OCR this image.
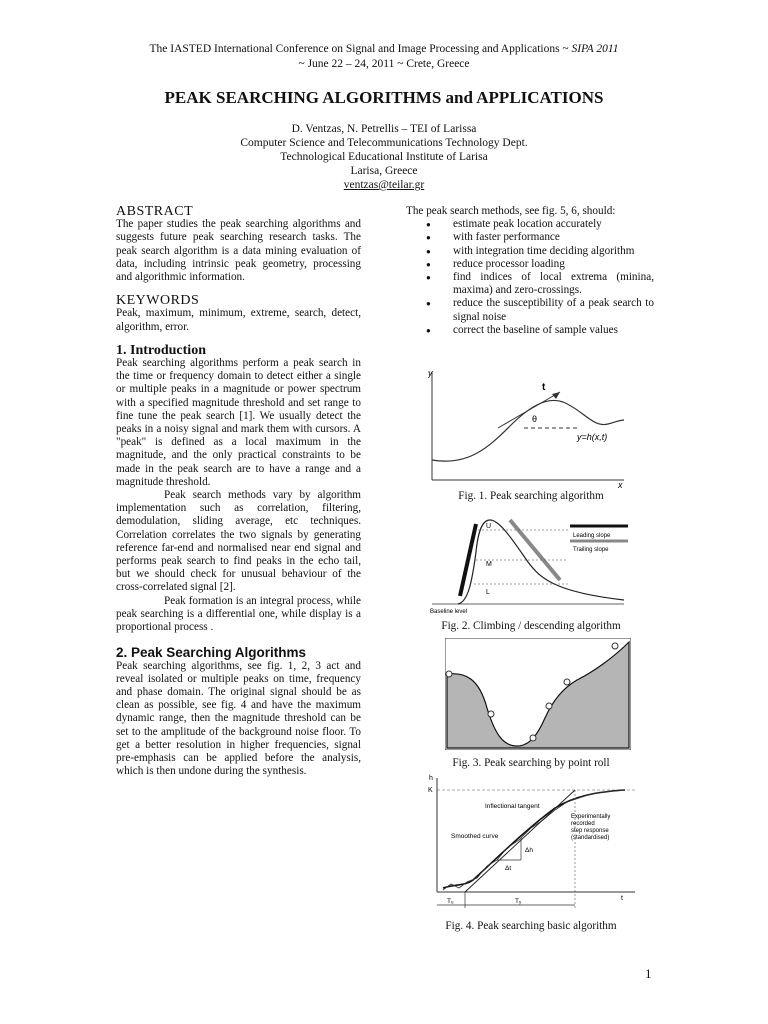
The IASTED International Conference on Signal and Image Processing and Applications ~ SIPA 2011
~ June 22 – 24, 2011 ~ Crete, Greece
PEAK SEARCHING ALGORITHMS and APPLICATIONS
D. Ventzas, N. Petrellis – TEI of Larissa
Computer Science and Telecommunications Technology Dept.
Technological Educational Institute of Larisa
Larisa, Greece
ventzas@teilar.gr
ABSTRACT

The paper studies the peak searching algorithms and suggests future peak searching research tasks. The peak search algorithm is a data mining evaluation of data, including intrinsic peak geometry, processing and algorithmic information.

KEYWORDS

Peak, maximum, minimum, extreme, search, detect, algorithm, error.

1. Introduction

Peak searching algorithms perform a peak search in the time or frequency domain to detect either a single or multiple peaks in a magnitude or power spectrum with a specified magnitude threshold and set range to fine tune the peak search [1]. We usually detect the peaks in a noisy signal and mark them with cursors. A "peak" is defined as a local maximum in the magnitude, and the only practical constraints to be made in the peak search are to have a range and a magnitude threshold.

Peak search methods vary by algorithm implementation such as correlation, filtering, demodulation, sliding average, etc techniques. Correlation correlates the two signals by generating reference far-end and normalised near end signal and performs peak search to find peaks in the echo tail, but we should check for unusual behaviour of the cross-correlated signal [2].

Peak formation is an integral process, while peak searching is a differential one, while display is a proportional process .

2. Peak Searching Algorithms

Peak searching algorithms, see fig. 1, 2, 3 act and reveal isolated or multiple peaks on time, frequency and phase domain. The original signal should be as clean as possible, see fig. 4 and have the maximum dynamic range, then the magnitude threshold can be set to the amplitude of the background noise floor. To get a better resolution in higher frequencies, signal pre-emphasis can be applied before the analysis, which is then undone during the synthesis.

The peak search methods, see fig. 5, 6, should:

● estimate peak location accurately
● with faster performance
● with integration time deciding algorithm
● reduce processor loading
● find indices of local extrema (minina, maxima) and zero-crossings.
● reduce the susceptibility of a peak search to signal noise
● correct the baseline of sample values
t
θ
y=h(x,t)
y
x
Fig. 1. Peak searching algorithm
U
M
L
Leading slope
Trailing slope
Baseline level
Fig. 2. Climbing / descending algorithm
Fig. 3. Peak searching by point roll
h
K
t
Inflectional tangent
Experimentally
recorded
step response
(standardised)
Smoothed curve
Δh
Δt
Tᵤ	Tᵧ
Fig. 4. Peak searching basic algorithm
1
